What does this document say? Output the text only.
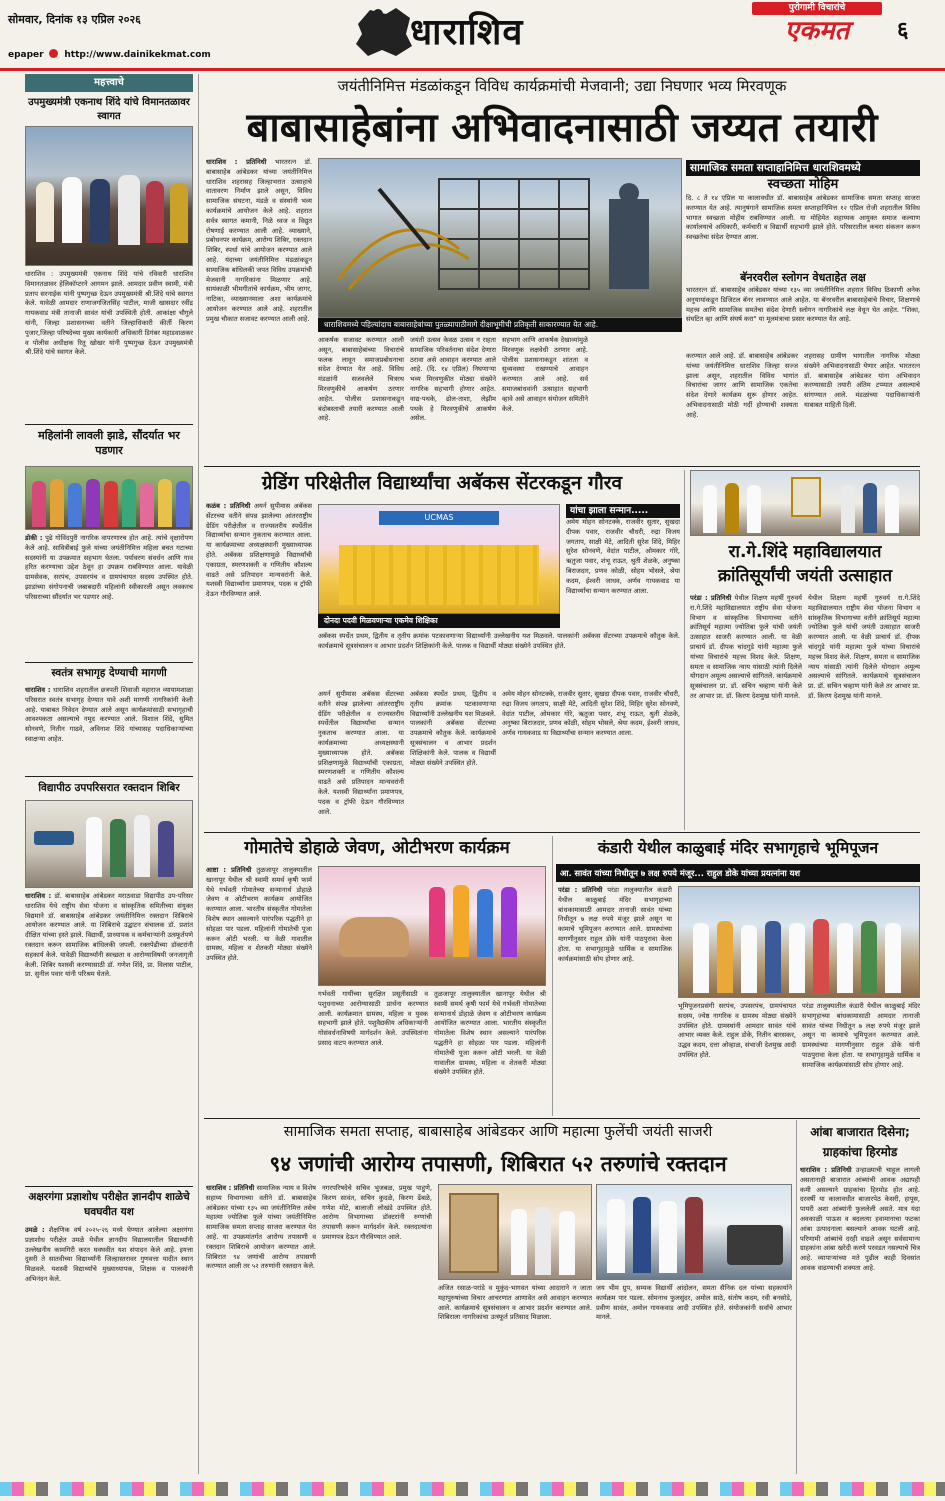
सोमवार, दिनांक १३ एप्रिल २०२६
epaper http://www.dainikekmat.com
धाराशिव
पुरोगामी विचारांचे
एकमत	६
महत्त्वाचे
उपमुख्यमंत्री एकनाथ शिंदे यांचे विमानतळावर स्वागत
धाराशिव : उपमुख्यमंत्री एकनाथ शिंदे यांचे रविवारी धाराशिव विमानतळावर हेलिकॉप्टरने आगमन झाले. आमदार प्रवीण स्वामी, मंत्री प्रताप सरनाईक यांनी पुष्पगुच्छ देऊन उपमुख्यमंत्री श्री.शिंदे यांचे स्वागत केले. यावेळी आमदार राणाजगजितसिंह पाटील, माजी खासदार रवींद्र गायकवाड मंत्री तानाजी सावंत यांची उपस्थिती होती. आकांक्षा चौगुले यांनी, जिल्हा प्रशासनाच्या वतीने जिल्हाधिकारी कीर्ती किरण पुजार,जिल्हा परिषदेच्या मुख्य कार्यकारी अधिकारी डिगंबर महाडवाळकर व पोलीस अधीक्षक रितू खोखर यांनी पुष्पगुच्छ देऊन उपमुख्यमंत्री श्री.शिंदे यांचे स्वागत केले.
महिलांनी लावली झाडे, सौंदर्यात भर पडणार
डोकी : पुढे गोविंदपुरी नागरिक वापरणारच होत आहे. त्यांचे वृक्षारोपण केले आहे. सावित्रीबाई फुले यांच्या जयंतीनिमित्त महिला बचत गटाच्या सदस्यांनी या उपक्रमात सहभाग घेतला. पर्यावरण संवर्धन आणि गाव हरित करण्याचा उद्देश ठेवून हा उपक्रम राबविण्यात आला. यावेळी ग्रामसेवक, सरपंच, उपसरपंच व ग्रामपंचायत सदस्य उपस्थित होते. झाडांच्या संगोपनाची जबाबदारी महिलांनी स्वीकारली असून लवकरच परिसराच्या सौंदर्यात भर पडणार आहे.
स्वतंत्र सभागृह देण्याची मागणी
धाराशिव : धाराशिव शहरातील छत्रपती शिवाजी महाराज व्यायामशाळा परिसरात स्वतंत्र सभागृह देण्यात यावे अशी मागणी नागरिकांनी केली आहे. याबाबत निवेदन देण्यात आले असून कार्यक्रमांसाठी सभागृहाची आवश्यकता असल्याचे नमूद करण्यात आले. विशाल शिंदे, सुमित सोनवणे, नितीन गाढवे, अविनाश शिंदे यांच्यासह पदाधिकाऱ्यांच्या स्वाक्षऱ्या आहेत.
विद्यापीठ उपपरिसरात रक्तदान शिबिर
धाराशिव : डॉ. बाबासाहेब आंबेडकर मराठवाडा विद्यापीठ उप-परिसर धाराशिव येथे राष्ट्रीय सेवा योजना व सांस्कृतिक समितीच्या संयुक्त विद्यमाने डॉ. बाबासाहेब आंबेडकर जयंतीनिमित्त रक्तदान शिबिराचे आयोजन करण्यात आले. या शिबिराचे उद्घाटन संचालक डॉ. प्रशांत दीक्षित यांच्या हस्ते झाले. विद्यार्थी, प्राध्यापक व कर्मचाऱ्यांनी उत्स्फूर्तपणे रक्तदान करून सामाजिक बांधिलकी जपली. रक्तपेढीच्या डॉक्टरांनी सहकार्य केले. यावेळी विद्यार्थ्यांनी स्वच्छता व आरोग्याविषयी जनजागृती केली. शिबिर यशस्वी करण्यासाठी डॉ. गणेश शिंदे, प्रा. विलास पाटील, प्रा. सुनील पवार यांनी परिश्रम घेतले.
अक्षरगंगा प्रज्ञाशोध परीक्षेत ज्ञानदीप शाळेचे घवघवीत यश
उमळे : शैक्षणिक वर्ष २०२५-२६ मध्ये घेण्यात आलेल्या अक्षरगंगा प्रज्ञाशोध परीक्षेत उमळे येथील ज्ञानदीप विद्यालयातील विद्यार्थ्यांनी उल्लेखनीय कामगिरी करत घवघवीत यश संपादन केले आहे. इयत्ता दुसरी ते सातवीच्या विद्यार्थ्यांनी जिल्हास्तरावर गुणवत्ता यादीत स्थान मिळवले. यशस्वी विद्यार्थ्यांचे मुख्याध्यापक, शिक्षक व पालकांनी अभिनंदन केले.
जयंतीनिमित्त मंडळांकडून विविध कार्यक्रमांची मेजवानी; उद्या निघणार भव्य मिरवणूक
बाबासाहेबांना अभिवादनासाठी जय्यत तयारी
धाराशिव : प्रतिनिधी भारतरत्न डॉ. बाबासाहेब आंबेडकर यांच्या जयंतीनिमित्त धाराशिव शहरासह जिल्हाभरात उत्साहाचे वातावरण निर्माण झाले असून, विविध सामाजिक संघटना, मंडळे व संस्थांनी भव्य कार्यक्रमांचे आयोजन केले आहे. शहरात सर्वत्र स्वागत कमानी, निळे ध्वज व विद्युत रोषणाई करण्यात आली आहे. व्याख्याने, प्रबोधनपर कार्यक्रम, आरोग्य शिबिर, रक्तदान शिबिर, स्पर्धा यांचे आयोजन करण्यात आले आहे. यंदाच्या जयंतीनिमित्त मंडळांकडून सामाजिक बांधिलकी जपत विविध उपक्रमांची मेजवानी नागरिकांना मिळणार आहे. सायंकाळी भीमगीतांचे कार्यक्रम, भीम जागर, नाटिका, व्याख्यानमाला अशा कार्यक्रमांचे आयोजन करण्यात आले आहे. शहरातील प्रमुख चौकात सजावट करण्यात आली आहे.
धाराशिवमध्ये पहिल्यांदाच बाबासाहेबांच्या पुतळ्यापाठीमागे दीक्षाभूमीची प्रतिकृती साकारण्यात येत आहे.
आकर्षक सजावट करण्यात आली असून, बाबासाहेबांच्या विचारांचे फलक लावून समाजप्रबोधनाचा संदेश देण्यात येत आहे. विविध मंडळांनी सजवलेले चित्ररथ मिरवणुकीचे आकर्षण ठरणार आहेत. पोलीस प्रशासनाकडून बंदोबस्ताची तयारी करण्यात आली आहे.
जयंती उत्सव केवळ उत्सव न राहता सामाजिक परिवर्तनाचा संदेश देणारा ठरावा असे आवाहन करण्यात आले आहे. (दि. १४ एप्रिल) निघणाऱ्या भव्य मिरवणुकीत मोठ्या संख्येने नागरिक सहभागी होणार आहेत. वाद्य-पथके, ढोल-ताशा, लेझीम पथके हे मिरवणुकीचे आकर्षण असेल.
सहभाग आणि आकर्षक देखाव्यांमुळे मिरवणूक लक्षवेधी ठरणार आहे. पोलीस प्रशासनाकडून शांतता व सुव्यवस्था राखण्याचे आवाहन करण्यात आले आहे. सर्व समाजबांधवांनी उत्साहात सहभागी व्हावे असे आवाहन संयोजन समितीने केले.
सामाजिक समता सप्ताहानिमित्त धाराशिवमध्ये
स्वच्छता मोहिम
दि. ८ ते १४ एप्रिल या कालावधीत डॉ. बाबासाहेब आंबेडकर सामाजिक समता सप्ताह साजरा करण्यात येत आहे. त्यानुषंगाने सामाजिक समता सप्ताहानिमित्त १२ एप्रिल रोजी शहरातील विविध भागात स्वच्छता मोहीम राबविण्यात आली. या मोहिमेत सहाय्यक आयुक्त समाज कल्याण कार्यालयाचे अधिकारी, कर्मचारी व विद्यार्थी सहभागी झाले होते. परिसरातील कचरा संकलन करून स्वच्छतेचा संदेश देण्यात आला.
बॅनरवरील स्लोगन वेधताहेत लक्ष
भारतरत्न डॉ. बाबासाहेब आंबेडकर यांच्या १३५ व्या जयंतीनिमित्त शहरात विविध ठिकाणी अनेक अनुयायांकडून डिजिटल बॅनर लावण्यात आले आहेत. या बॅनरवरील बाबासाहेबांचे विचार, शिक्षणाचे महत्त्व आणि सामाजिक समतेचा संदेश देणारी स्लोगन नागरिकांचे लक्ष वेधून घेत आहेत. "शिका, संघटित व्हा आणि संघर्ष करा" या मूलमंत्राचा प्रसार करण्यात येत आहे.
करण्यात आले आहे. डॉ. बाबासाहेब आंबेडकर यांच्या जयंतीनिमित्त धाराशिव जिल्हा सज्ज झाला असून, शहरातील विविध भागांत विचारांचा जागर आणि सामाजिक एकतेचा संदेश देणारे कार्यक्रम सुरू होणार आहेत. अभिवादनासाठी मोठी गर्दी होण्याची शक्यता आहे.
शहरासह ग्रामीण भागातील नागरिक मोठ्या संख्येने अभिवादनासाठी येणार आहेत. भारतरत्न डॉ. बाबासाहेब आंबेडकर यांना अभिवादन करण्यासाठी तयारी अंतिम टप्प्यात असल्याचे सांगण्यात आले. मंडळांच्या पदाधिकाऱ्यांनी याबाबत माहिती दिली.
ग्रेडिंग परिक्षेतील विद्यार्थ्यांचा अबॅकस सेंटरकडून गौरव
कळंब : प्रतिनिधी अयर्न सुपीमास अबॅकस सेंटरच्या वतीने संपन्न झालेल्या आंतरराष्ट्रीय ग्रेडिंग परीक्षेतील व राज्यस्तरीय स्पर्धेतील विद्यार्थ्यांचा सन्मान नुकताच करण्यात आला. या कार्यक्रमाच्या अध्यक्षस्थानी मुख्याध्यापक होते. अबॅकस प्रशिक्षणामुळे विद्यार्थ्यांची एकाग्रता, स्मरणशक्ती व गणितीय कौशल्य वाढते असे प्रतिपादन मान्यवरांनी केले. यशस्वी विद्यार्थ्यांना प्रमाणपत्र, पदक व ट्रॉफी देऊन गौरविण्यात आले.
UCMAS
दोनदा पदवी मिळवणाऱ्या एकमेव शिक्षिका
अबॅकस स्पर्धेत प्रथम, द्वितीय व तृतीय क्रमांक पटकावणाऱ्या विद्यार्थ्यांनी उल्लेखनीय यश मिळवले. पालकांनी अबॅकस सेंटरच्या उपक्रमाचे कौतुक केले. कार्यक्रमाचे सूत्रसंचालन व आभार प्रदर्शन शिक्षिकांनी केले. पालक व विद्यार्थी मोठ्या संख्येने उपस्थित होते.
यांचा झाला सन्मान.....
अमेय मोहन सोनटक्के, राजवीर सुतार, सुखदा दीपक पवार, राजवीर चौधरी, रुद्रा विजय जगताप, साक्षी मेटे, आदिती सुरेश शिंदे, मिहिर सुरेश सोनवणे, वेदांत पाटील, ओमकार गोरे, ऋतुजा पवार, शंभू राऊत, श्रुती शेळके, अनुष्का बिराजदार, प्रणव कोळी, सोहम भोसले, श्रेया कदम, ईश्वरी जाधव, अर्णव गायकवाड या विद्यार्थ्यांचा सन्मान करण्यात आला.
अयर्न सुपीमास अबॅकस सेंटरच्या वतीने संपन्न झालेल्या आंतरराष्ट्रीय ग्रेडिंग परीक्षेतील व राज्यस्तरीय स्पर्धेतील विद्यार्थ्यांचा सन्मान नुकताच करण्यात आला. या कार्यक्रमाच्या अध्यक्षस्थानी मुख्याध्यापक होते. अबॅकस प्रशिक्षणामुळे विद्यार्थ्यांची एकाग्रता, स्मरणशक्ती व गणितीय कौशल्य वाढते असे प्रतिपादन मान्यवरांनी केले. यशस्वी विद्यार्थ्यांना प्रमाणपत्र, पदक व ट्रॉफी देऊन गौरविण्यात आले.
अबॅकस स्पर्धेत प्रथम, द्वितीय व तृतीय क्रमांक पटकावणाऱ्या विद्यार्थ्यांनी उल्लेखनीय यश मिळवले. पालकांनी अबॅकस सेंटरच्या उपक्रमाचे कौतुक केले. कार्यक्रमाचे सूत्रसंचालन व आभार प्रदर्शन शिक्षिकांनी केले. पालक व विद्यार्थी मोठ्या संख्येने उपस्थित होते.
अमेय मोहन सोनटक्के, राजवीर सुतार, सुखदा दीपक पवार, राजवीर चौधरी, रुद्रा विजय जगताप, साक्षी मेटे, आदिती सुरेश शिंदे, मिहिर सुरेश सोनवणे, वेदांत पाटील, ओमकार गोरे, ऋतुजा पवार, शंभू राऊत, श्रुती शेळके, अनुष्का बिराजदार, प्रणव कोळी, सोहम भोसले, श्रेया कदम, ईश्वरी जाधव, अर्णव गायकवाड या विद्यार्थ्यांचा सन्मान करण्यात आला.
रा.गे.शिंदे महाविद्यालयात
क्रांतिसूर्यांची जयंती उत्साहात
परंडा : प्रतिनिधी येथील शिक्षण महर्षी गुरुवर्य रा.गे.शिंदे महाविद्यालयात राष्ट्रीय सेवा योजना विभाग व सांस्कृतिक विभागाच्या वतीने क्रांतिसूर्य महात्मा ज्योतिबा फुले यांची जयंती उत्साहात साजरी करण्यात आली. या वेळी प्राचार्य डॉ. दीपक चांदगुडे यांनी महात्मा फुले यांच्या विचारांचे महत्त्व विशद केले. शिक्षण, समता व सामाजिक न्याय यांसाठी त्यांनी दिलेले योगदान अमूल्य असल्याचे सांगितले. कार्यक्रमाचे सूत्रसंचालन प्रा. डॉ. सचिन चव्हाण यांनी केले तर आभार प्रा. डॉ. किरण देशमुख यांनी मानले.
येथील शिक्षण महर्षी गुरुवर्य रा.गे.शिंदे महाविद्यालयात राष्ट्रीय सेवा योजना विभाग व सांस्कृतिक विभागाच्या वतीने क्रांतिसूर्य महात्मा ज्योतिबा फुले यांची जयंती उत्साहात साजरी करण्यात आली. या वेळी प्राचार्य डॉ. दीपक चांदगुडे यांनी महात्मा फुले यांच्या विचारांचे महत्त्व विशद केले. शिक्षण, समता व सामाजिक न्याय यांसाठी त्यांनी दिलेले योगदान अमूल्य असल्याचे सांगितले. कार्यक्रमाचे सूत्रसंचालन प्रा. डॉ. सचिन चव्हाण यांनी केले तर आभार प्रा. डॉ. किरण देशमुख यांनी मानले.
गोमातेचे डोहाळे जेवण, ओटीभरण कार्यक्रम
आष्टा : प्रतिनिधी तुळजापूर तालुक्यातील खानापूर येथील श्री स्वामी समर्थ कृषी फार्म येथे गर्भवती गोमातेच्या सन्मानार्थ डोहाळे जेवण व ओटीभरण कार्यक्रम आयोजित करण्यात आला. भारतीय संस्कृतीत गोमातेला विशेष स्थान असल्याने पारंपरिक पद्धतीने हा सोहळा पार पडला. महिलांनी गोमातेची पूजा करून ओटी भरली. या वेळी गावातील ग्रामस्थ, महिला व शेतकरी मोठ्या संख्येने उपस्थित होते.
गर्भवती गायींच्या सुरक्षित प्रसूतीसाठी व पशुधनाच्या आरोग्यासाठी प्रार्थना करण्यात आली. कार्यक्रमात ग्रामस्थ, महिला व युवक सहभागी झाले होते. पशुवैद्यकीय अधिकाऱ्यांनी गोसंवर्धनाविषयी मार्गदर्शन केले. उपस्थितांना प्रसाद वाटप करण्यात आले.
तुळजापूर तालुक्यातील खानापूर येथील श्री स्वामी समर्थ कृषी फार्म येथे गर्भवती गोमातेच्या सन्मानार्थ डोहाळे जेवण व ओटीभरण कार्यक्रम आयोजित करण्यात आला. भारतीय संस्कृतीत गोमातेला विशेष स्थान असल्याने पारंपरिक पद्धतीने हा सोहळा पार पडला. महिलांनी गोमातेची पूजा करून ओटी भरली. या वेळी गावातील ग्रामस्थ, महिला व शेतकरी मोठ्या संख्येने उपस्थित होते.
कंडारी येथील काळुबाई मंदिर सभागृहाचे भूमिपूजन
आ. सावंत यांच्या निधीतून ७ लक्ष रुपये मंजूर... राहुल डोके यांच्या प्रयत्नांना यश
परंडा : प्रतिनिधी परंडा तालुक्यातील कंडारी येथील काळुबाई मंदिर सभागृहाच्या बांधकामासाठी आमदार तानाजी सावंत यांच्या निधीतून ७ लक्ष रुपये मंजूर झाले असून या कामाचे भूमिपूजन करण्यात आले. ग्रामस्थांच्या मागणीनुसार राहुल डोके यांनी पाठपुरावा केला होता. या सभागृहामुळे धार्मिक व सामाजिक कार्यक्रमांसाठी सोय होणार आहे.
भूमिपूजनप्रसंगी सरपंच, उपसरपंच, ग्रामपंचायत सदस्य, ज्येष्ठ नागरिक व ग्रामस्थ मोठ्या संख्येने उपस्थित होते. ग्रामस्थांनी आमदार सावंत यांचे आभार व्यक्त केले. राहुल डोके, नितीन बारसकर, उद्धव कदम, दत्ता ओव्हाळ, संभाजी देशमुख आदी उपस्थित होते.
परंडा तालुक्यातील कंडारी येथील काळुबाई मंदिर सभागृहाच्या बांधकामासाठी आमदार तानाजी सावंत यांच्या निधीतून ७ लक्ष रुपये मंजूर झाले असून या कामाचे भूमिपूजन करण्यात आले. ग्रामस्थांच्या मागणीनुसार राहुल डोके यांनी पाठपुरावा केला होता. या सभागृहामुळे धार्मिक व सामाजिक कार्यक्रमांसाठी सोय होणार आहे.
सामाजिक समता सप्ताह, बाबासाहेब आंबेडकर आणि महात्मा फुलेंची जयंती साजरी
९४ जणांची आरोग्य तपासणी, शिबिरात ५२ तरुणांचे रक्तदान
धाराशिव : प्रतिनिधी सामाजिक न्याय व विशेष सहाय्य विभागाच्या वतीने डॉ. बाबासाहेब आंबेडकर यांच्या १३५ व्या जयंतीनिमित्त तसेच महात्मा ज्योतिबा फुले यांच्या जयंतीनिमित्त सामाजिक समता सप्ताह साजरा करण्यात येत आहे. या उपक्रमांतर्गत आरोग्य तपासणी व रक्तदान शिबिराचे आयोजन करण्यात आले. शिबिरात ९४ जणांची आरोग्य तपासणी करण्यात आली तर ५२ तरुणांनी रक्तदान केले.
नगरपरिषदेचे सचिव भुजबळ, प्रमुख पाहुणे, किरण सावंत, सचिन कुदळे, किरण ढेंबळे, गणेश मोटे, बालाजी लोखंडे उपस्थित होते. आरोग्य विभागाच्या डॉक्टरांनी रुग्णांची तपासणी करून मार्गदर्शन केले. रक्तदात्यांना प्रमाणपत्र देऊन गौरविण्यात आले.
अजित रसाळ-परांडे व मुकुंद-भागवत यांच्या आदाराने न जाता महापुरुषांच्या विचार आचरणात आणावेत असे आवाहन करण्यात आले. कार्यक्रमाचे सूत्रसंचालन व आभार प्रदर्शन करण्यात आले. शिबिराला नागरिकांचा उत्स्फूर्त प्रतिसाद मिळाला.
जय भीम ग्रुप, सम्यक विद्यार्थी आंदोलन, समता सैनिक दल यांच्या सहकार्याने कार्यक्रम पार पडला. सोमनाथ फुलसुंदर, अमोल साठे, संतोष कदम, रवी बनसोडे, प्रवीण सावंत, अमोल गायकवाड आदी उपस्थित होते. संयोजकांनी सर्वांचे आभार मानले.
आंबा बाजारात दिसेना;
ग्राहकांचा हिरमोड
धाराशिव : प्रतिनिधी उन्हाळ्याची चाहूल लागली असतानाही बाजारात आंब्यांची आवक अद्यापही कमी असल्याने ग्राहकांचा हिरमोड होत आहे. दरवर्षी या कालावधीत बाजारपेठ केसरी, हापूस, पायरी अशा आंब्यांनी फुललेली असते. मात्र यंदा अवकाळी पाऊस व बदलत्या हवामानाचा फटका आंबा उत्पादनाला बसल्याने आवक घटली आहे. परिणामी आंब्यांचे दरही वाढले असून सर्वसामान्य ग्राहकांना आंबा खरेदी करणे परवडत नसल्याचे चित्र आहे. व्यापाऱ्यांच्या मते पुढील काही दिवसांत आवक वाढण्याची शक्यता आहे.
